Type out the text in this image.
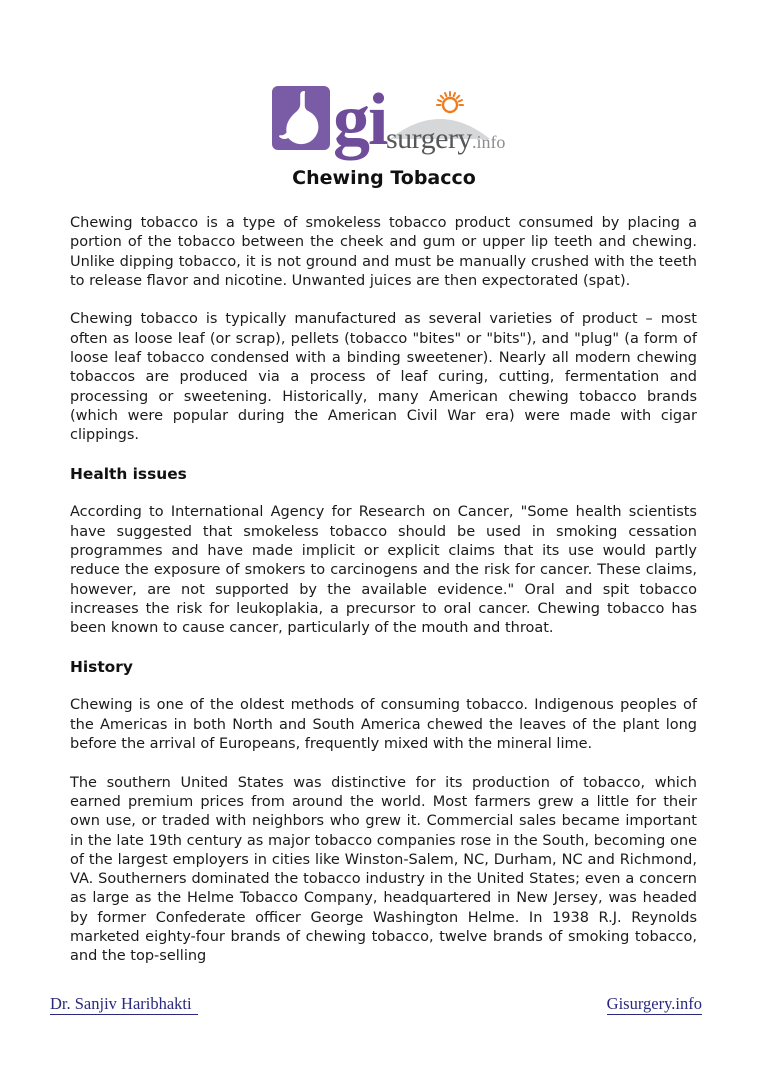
gi surgery.info
Chewing Tobacco

Chewing tobacco is a type of smokeless tobacco product consumed by placing a portion of the tobacco between the cheek and gum or upper lip teeth and chewing. Unlike dipping tobacco, it is not ground and must be manually crushed with the teeth to release flavor and nicotine. Unwanted juices are then expectorated (spat).

Chewing tobacco is typically manufactured as several varieties of product – most often as loose leaf (or scrap), pellets (tobacco "bites" or "bits"), and "plug" (a form of loose leaf tobacco condensed with a binding sweetener). Nearly all modern chewing tobaccos are produced via a process of leaf curing, cutting, fermentation and processing or sweetening. Historically, many American chewing tobacco brands (which were popular during the American Civil War era) were made with cigar clippings.

Health issues

According to International Agency for Research on Cancer, "Some health scientists have suggested that smokeless tobacco should be used in smoking cessation programmes and have made implicit or explicit claims that its use would partly reduce the exposure of smokers to carcinogens and the risk for cancer. These claims, however, are not supported by the available evidence." Oral and spit tobacco increases the risk for leukoplakia, a precursor to oral cancer. Chewing tobacco has been known to cause cancer, particularly of the mouth and throat.

History

Chewing is one of the oldest methods of consuming tobacco. Indigenous peoples of the Americas in both North and South America chewed the leaves of the plant long before the arrival of Europeans, frequently mixed with the mineral lime.

The southern United States was distinctive for its production of tobacco, which earned premium prices from around the world. Most farmers grew a little for their own use, or traded with neighbors who grew it. Commercial sales became important in the late 19th century as major tobacco companies rose in the South, becoming one of the largest employers in cities like Winston-Salem, NC, Durham, NC and Richmond, VA. Southerners dominated the tobacco industry in the United States; even a concern as large as the Helme Tobacco Company, headquartered in New Jersey, was headed by former Confederate officer George Washington Helme. In 1938 R.J. Reynolds marketed eighty-four brands of chewing tobacco, twelve brands of smoking tobacco, and the top-selling

Dr. Sanjiv Haribhakti	Gisurgery.info
